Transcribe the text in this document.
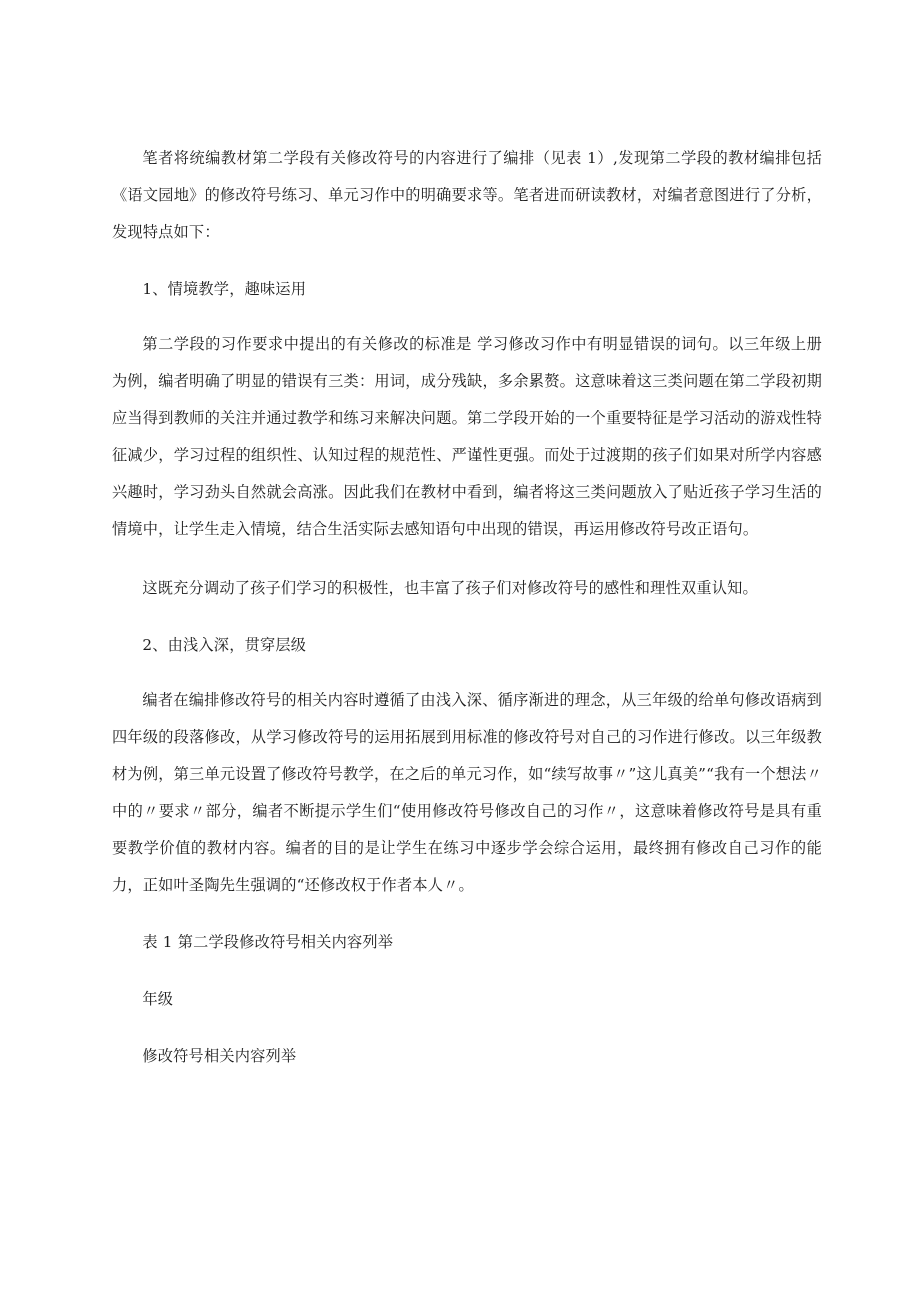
笔者将统编教材第二学段有关修改符号的内容进行了编排（见表 1）,发现第二学段的教材编排包括《语文园地》的修改符号练习、单元习作中的明确要求等。笔者进而研读教材，对编者意图进行了分析，发现特点如下：

1、情境教学，趣味运用

第二学段的习作要求中提出的有关修改的标准是 学习修改习作中有明显错误的词句。以三年级上册为例，编者明确了明显的错误有三类：用词，成分残缺，多余累赘。这意味着这三类问题在第二学段初期应当得到教师的关注并通过教学和练习来解决问题。第二学段开始的一个重要特征是学习活动的游戏性特征减少，学习过程的组织性、认知过程的规范性、严谨性更强。而处于过渡期的孩子们如果对所学内容感兴趣时，学习劲头自然就会高涨。因此我们在教材中看到，编者将这三类问题放入了贴近孩子学习生活的情境中，让学生走入情境，结合生活实际去感知语句中出现的错误，再运用修改符号改正语句。

这既充分调动了孩子们学习的积极性，也丰富了孩子们对修改符号的感性和理性双重认知。

2、由浅入深，贯穿层级

编者在编排修改符号的相关内容时遵循了由浅入深、循序渐进的理念，从三年级的给单句修改语病到四年级的段落修改，从学习修改符号的运用拓展到用标准的修改符号对自己的习作进行修改。以三年级教材为例，第三单元设置了修改符号教学，在之后的单元习作，如“续写故事〃”这儿真美”“我有一个想法〃中的〃要求〃部分，编者不断提示学生们“使用修改符号修改自己的习作〃，这意味着修改符号是具有重要教学价值的教材内容。编者的目的是让学生在练习中逐步学会综合运用，最终拥有修改自己习作的能力，正如叶圣陶先生强调的“还修改权于作者本人〃。

表 1 第二学段修改符号相关内容列举
年级
修改符号相关内容列举
